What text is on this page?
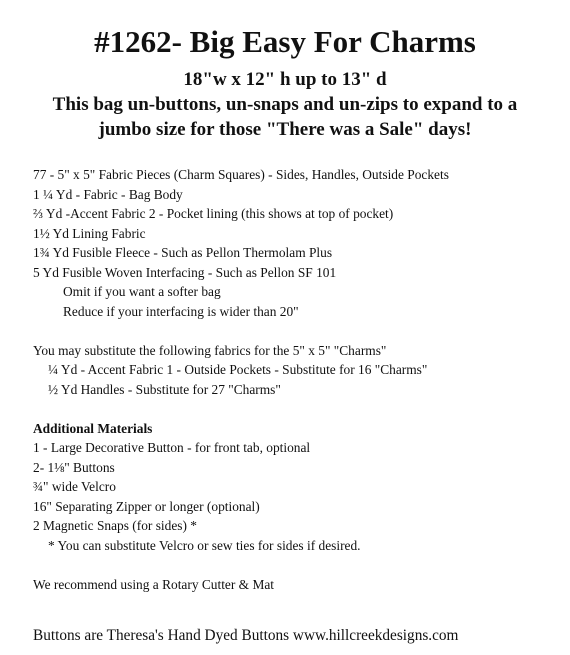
#1262- Big Easy For Charms

18"w x 12" h up to 13" d

This bag un-buttons, un-snaps and un-zips to expand to a

jumbo size for those "There was a Sale" days!

77 - 5" x 5" Fabric Pieces (Charm Squares) - Sides, Handles, Outside Pockets
1 ¼ Yd - Fabric - Bag Body
⅔ Yd -Accent Fabric 2 - Pocket lining (this shows at top of pocket)
1½ Yd Lining Fabric
1¾ Yd Fusible Fleece - Such as Pellon Thermolam Plus
5 Yd Fusible Woven Interfacing - Such as Pellon SF 101
Omit if you want a softer bag
Reduce if your interfacing is wider than 20"
You may substitute the following fabrics for the 5" x 5" "Charms"
¼ Yd - Accent Fabric 1 - Outside Pockets - Substitute for 16 "Charms"
½ Yd Handles - Substitute for 27 "Charms"
Additional Materials
1 - Large Decorative Button - for front tab, optional
2- 1⅛" Buttons
¾" wide Velcro
16" Separating Zipper or longer (optional)
2 Magnetic Snaps (for sides) *
* You can substitute Velcro or sew ties for sides if desired.
We recommend using a Rotary Cutter & Mat
Buttons are Theresa's Hand Dyed Buttons www.hillcreekdesigns.com
